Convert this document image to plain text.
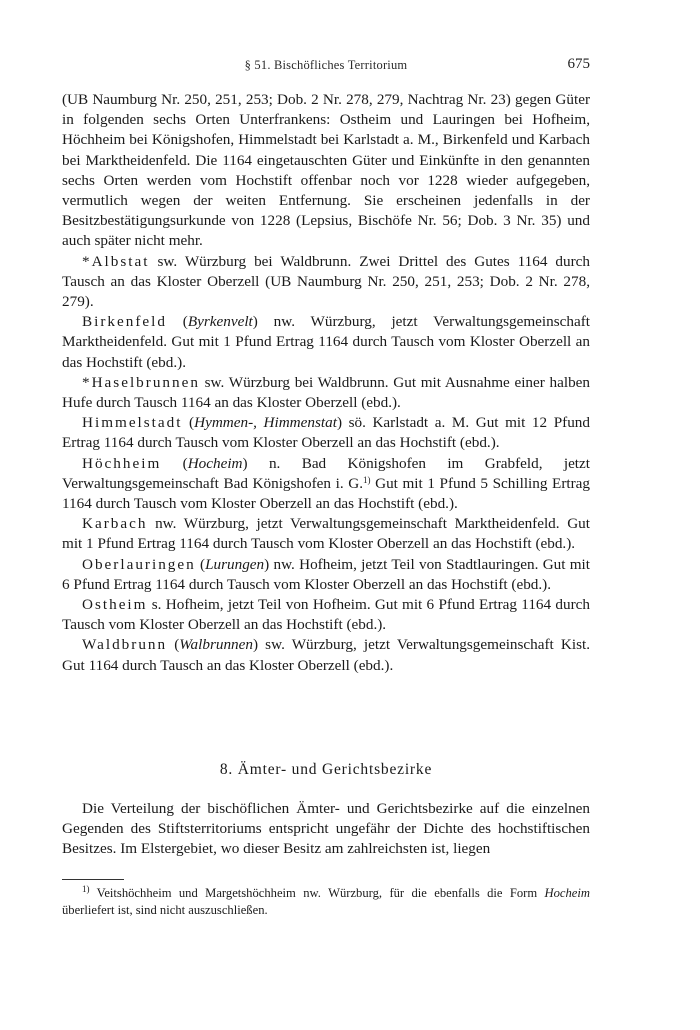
§ 51. Bischöfliches Territorium	675

(UB Naumburg Nr. 250, 251, 253; Dob. 2 Nr. 278, 279, Nachtrag Nr. 23) gegen Güter in folgenden sechs Orten Unterfrankens: Ostheim und Lauringen bei Hofheim, Höchheim bei Königshofen, Himmelstadt bei Karlstadt a. M., Birkenfeld und Karbach bei Marktheidenfeld. Die 1164 eingetauschten Güter und Einkünfte in den genannten sechs Orten werden vom Hochstift offenbar noch vor 1228 wieder aufgegeben, vermutlich wegen der weiten Entfernung. Sie erscheinen jedenfalls in der Besitzbestätigungsurkunde von 1228 (Lepsius, Bischöfe Nr. 56; Dob. 3 Nr. 35) und auch später nicht mehr.

*Albstat sw. Würzburg bei Waldbrunn. Zwei Drittel des Gutes 1164 durch Tausch an das Kloster Oberzell (UB Naumburg Nr. 250, 251, 253; Dob. 2 Nr. 278, 279).

Birkenfeld (Byrkenvelt) nw. Würzburg, jetzt Verwaltungsgemeinschaft Marktheidenfeld. Gut mit 1 Pfund Ertrag 1164 durch Tausch vom Kloster Oberzell an das Hochstift (ebd.).

*Haselbrunnen sw. Würzburg bei Waldbrunn. Gut mit Ausnahme einer halben Hufe durch Tausch 1164 an das Kloster Oberzell (ebd.).

Himmelstadt (Hymmen-, Himmenstat) sö. Karlstadt a. M. Gut mit 12 Pfund Ertrag 1164 durch Tausch vom Kloster Oberzell an das Hochstift (ebd.).

Höchheim (Hocheim) n. Bad Königshofen im Grabfeld, jetzt Verwaltungsgemeinschaft Bad Königshofen i. G.$^{1)}$ Gut mit 1 Pfund 5 Schilling Ertrag 1164 durch Tausch vom Kloster Oberzell an das Hochstift (ebd.).

Karbach nw. Würzburg, jetzt Verwaltungsgemeinschaft Marktheidenfeld. Gut mit 1 Pfund Ertrag 1164 durch Tausch vom Kloster Oberzell an das Hochstift (ebd.).

Oberlauringen (Lurungen) nw. Hofheim, jetzt Teil von Stadtlauringen. Gut mit 6 Pfund Ertrag 1164 durch Tausch vom Kloster Oberzell an das Hochstift (ebd.).

Ostheim s. Hofheim, jetzt Teil von Hofheim. Gut mit 6 Pfund Ertrag 1164 durch Tausch vom Kloster Oberzell an das Hochstift (ebd.).

Waldbrunn (Walbrunnen) sw. Würzburg, jetzt Verwaltungsgemeinschaft Kist. Gut 1164 durch Tausch an das Kloster Oberzell (ebd.).

8. Ämter- und Gerichtsbezirke

Die Verteilung der bischöflichen Ämter- und Gerichtsbezirke auf die einzelnen Gegenden des Stiftsterritoriums entspricht ungefähr der Dichte des hochstiftischen Besitzes. Im Elstergebiet, wo dieser Besitz am zahlreichsten ist, liegen

$^{1)}$ Veitshöchheim und Margetshöchheim nw. Würzburg, für die ebenfalls die Form Hocheim überliefert ist, sind nicht auszuschließen.
